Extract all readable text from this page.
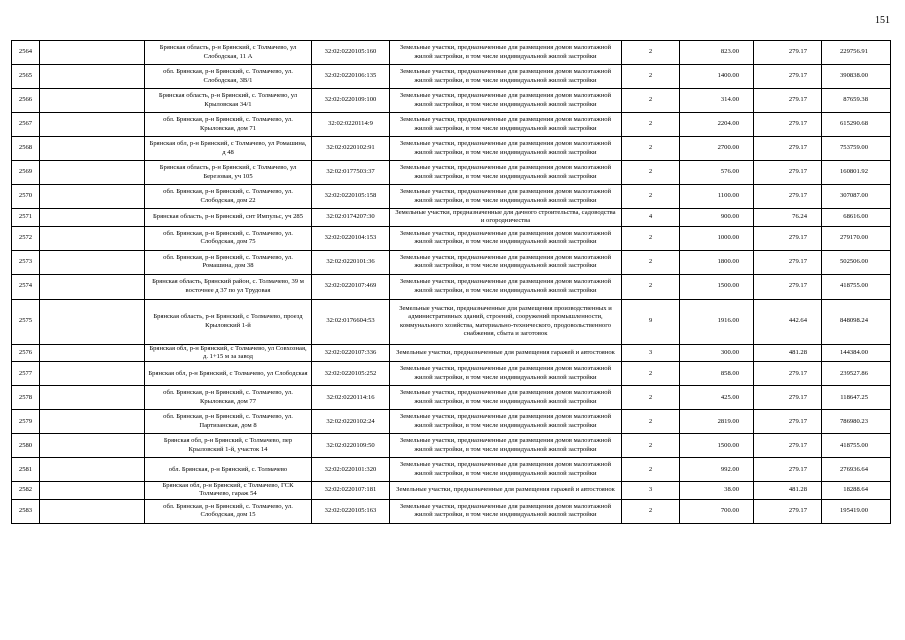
151
2564		Брянская область, р-н Брянский, с Толмачево, ул Слободская, 11 А	32:02:0220105:160	Земельные участки, предназначенные для размещения домов малоэтажной жилой застройки, в том числе индивидуальной жилой застройки	2	823.00	279.17	229756.91
2565		обл. Брянская, р-н Брянский, с. Толмачево, ул. Слободская, 3В/1	32:02:0220106:135	Земельные участки, предназначенные для размещения домов малоэтажной жилой застройки, в том числе индивидуальной жилой застройки	2	1400.00	279.17	390838.00
2566		Брянская область, р-н Брянский, с. Толмачево, ул Крыловская 34/1	32:02:0220109:100	Земельные участки, предназначенные для размещения домов малоэтажной жилой застройки, в том числе индивидуальной жилой застройки	2	314.00	279.17	87659.38
2567		обл. Брянская, р-н Брянский, с. Толмачево, ул. Крыловская, дом 71	32:02:0220114:9	Земельные участки, предназначенные для размещения домов малоэтажной жилой застройки, в том числе индивидуальной жилой застройки	2	2204.00	279.17	615290.68
2568		Брянская обл, р-н Брянский, с Толмачево, ул Ромашина, д 48	32:02:0220102:91	Земельные участки, предназначенные для размещения домов малоэтажной жилой застройки, в том числе индивидуальной жилой застройки	2	2700.00	279.17	753759.00
2569		Брянская область, р-н Брянский, с Толмачево, ул Березовая, уч 105	32:02:0177503:37	Земельные участки, предназначенные для размещения домов малоэтажной жилой застройки, в том числе индивидуальной жилой застройки	2	576.00	279.17	160801.92
2570		обл. Брянская, р-н Брянский, с. Толмачево, ул. Слободская, дом 22	32:02:0220105:158	Земельные участки, предназначенные для размещения домов малоэтажной жилой застройки, в том числе индивидуальной жилой застройки	2	1100.00	279.17	307087.00
2571		Брянская область, р-н Брянский, снт Импульс, уч 285	32:02:0174207:30	Земельные участки, предназначенные для дачного строительства, садоводства и огородничества	4	900.00	76.24	68616.00
2572		обл. Брянская, р-н Брянский, с. Толмачево, ул. Слободская, дом 75	32:02:0220104:153	Земельные участки, предназначенные для размещения домов малоэтажной жилой застройки, в том числе индивидуальной жилой застройки	2	1000.00	279.17	279170.00
2573		обл. Брянская, р-н Брянский, с. Толмачево, ул. Ромашина, дом 38	32:02:0220101:36	Земельные участки, предназначенные для размещения домов малоэтажной жилой застройки, в том числе индивидуальной жилой застройки	2	1800.00	279.17	502506.00
2574		Брянская область, Брянский район, с. Толмачево, 39 м восточнее д 37 по ул Трудовая	32:02:0220107:469	Земельные участки, предназначенные для размещения домов малоэтажной жилой застройки, в том числе индивидуальной жилой застройки	2	1500.00	279.17	418755.00
2575		Брянская область, р-н Брянский, с Толмачево, проезд Крыловский 1-й	32:02:0176604:53	Земельные участки, предназначенные для размещения производственных и административных зданий, строений, сооружений промышленности, коммунального хозяйства, материально-технического, продовольственного снабжения, сбыта и заготовок	9	1916.00	442.64	848098.24
2576		Брянская обл, р-н Брянский, с Толмачево, ул Совхозная, д. 1+15 м за завод	32:02:0220107:336	Земельные участки, предназначенные для размещения гаражей и автостоянок	3	300.00	481.28	144384.00
2577		Брянская обл, р-н Брянский, с Толмачево, ул Слободская	32:02:0220105:252	Земельные участки, предназначенные для размещения домов малоэтажной жилой застройки, в том числе индивидуальной жилой застройки	2	858.00	279.17	239527.86
2578		обл. Брянская, р-н Брянский, с. Толмачево, ул. Крыловская, дом 77	32:02:0220114:16	Земельные участки, предназначенные для размещения домов малоэтажной жилой застройки, в том числе индивидуальной жилой застройки	2	425.00	279.17	118647.25
2579		обл. Брянская, р-н Брянский, с. Толмачево, ул. Партизанская, дом 8	32:02:0220102:24	Земельные участки, предназначенные для размещения домов малоэтажной жилой застройки, в том числе индивидуальной жилой застройки	2	2819.00	279.17	786980.23
2580		Брянская обл, р-н Брянский, с Толмачево, пер Крыловский 1-й, участок 14	32:02:0220109:50	Земельные участки, предназначенные для размещения домов малоэтажной жилой застройки, в том числе индивидуальной жилой застройки	2	1500.00	279.17	418755.00
2581		обл. Брянская, р-н Брянский, с. Толмачево	32:02:0220101:320	Земельные участки, предназначенные для размещения домов малоэтажной жилой застройки, в том числе индивидуальной жилой застройки	2	992.00	279.17	276936.64
2582		Брянская обл, р-н Брянский, с Толмачево, ГСК Толмачево, гараж 54	32:02:0220107:181	Земельные участки, предназначенные для размещения гаражей и автостоянок	3	38.00	481.28	18288.64
2583		обл. Брянская, р-н Брянский, с. Толмачево, ул. Слободская, дом 15	32:02:0220105:163	Земельные участки, предназначенные для размещения домов малоэтажной жилой застройки, в том числе индивидуальной жилой застройки	2	700.00	279.17	195419.00
